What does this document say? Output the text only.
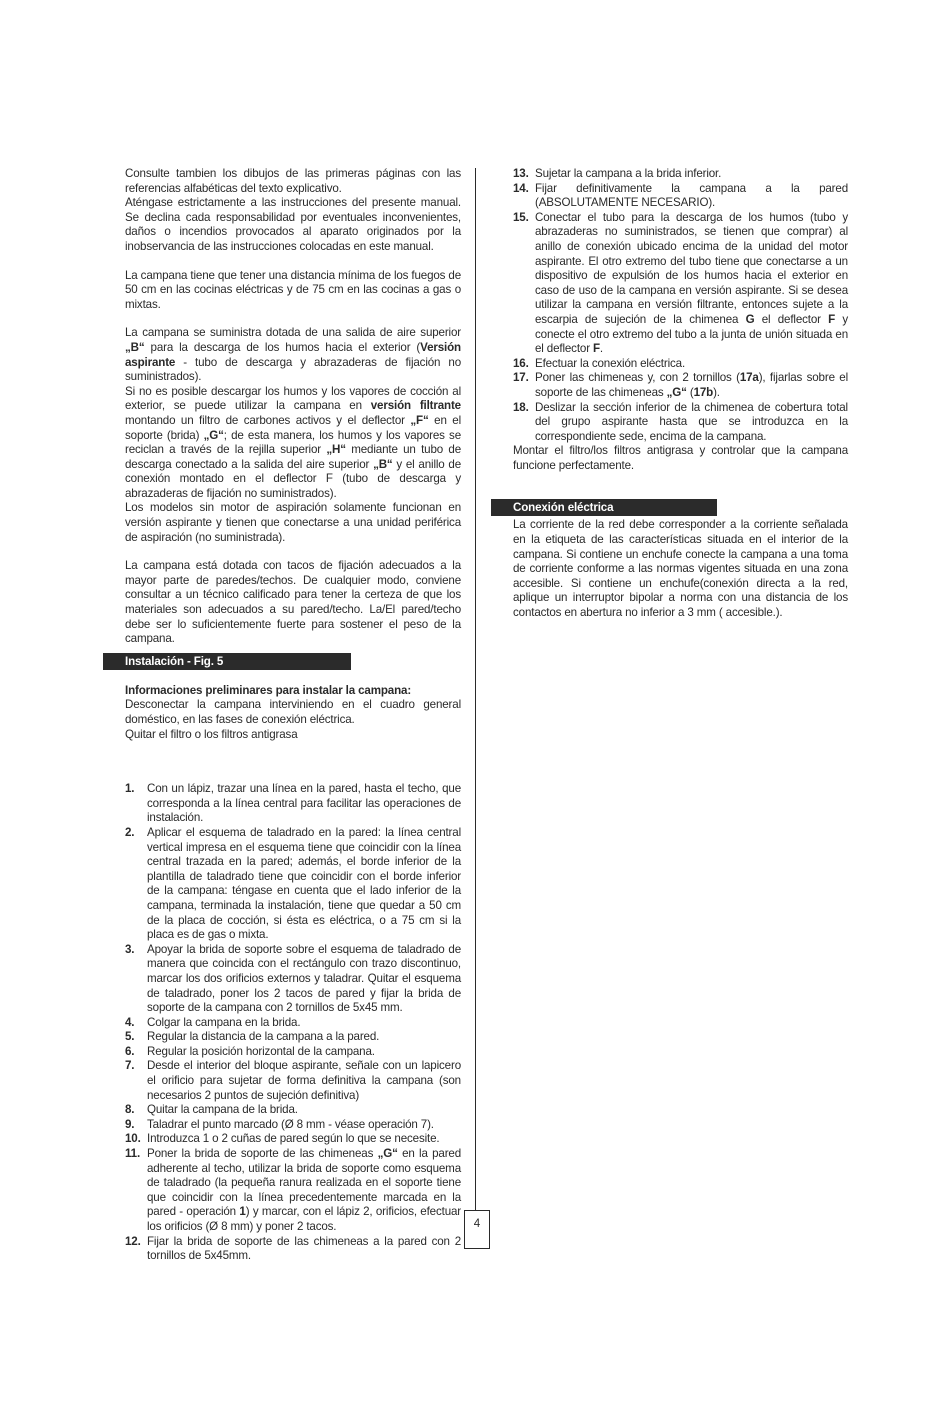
Consulte tambien los dibujos de las primeras páginas con las referencias alfabéticas del texto explicativo.

Aténgase estrictamente a las instrucciones del presente manual. Se declina cada responsabilidad por eventuales inconvenientes, daños o incendios provocados al aparato originados por la inobservancia de las instrucciones colocadas en este manual.

La campana tiene que tener una distancia mínima de los fuegos de 50 cm en las cocinas eléctricas y de 75 cm en las cocinas a gas o mixtas.

La campana se suministra dotada de una salida de aire superior „B“ para la descarga de los humos hacia el exterior (Versión aspirante - tubo de descarga y abrazaderas de fijación no suministrados).

Si no es posible descargar los humos y los vapores de cocción al exterior, se puede utilizar la campana en versión filtrante montando un filtro de carbones activos y el deflector „F“ en el soporte (brida) „G“; de esta manera, los humos y los vapores se reciclan a través de la rejilla superior „H“ mediante un tubo de descarga conectado a la salida del aire superior „B“ y el anillo de conexión montado en el deflector F (tubo de descarga y abrazaderas de fijación no suministrados).

Los modelos sin motor de aspiración solamente funcionan en versión aspirante y tienen que conectarse a una unidad periférica de aspiración (no suministrada).

La campana está dotada con tacos de fijación adecuados a la mayor parte de paredes/techos. De cualquier modo, conviene consultar a un técnico calificado para tener la certeza de que los materiales son adecuados a su pared/techo. La/El pared/techo debe ser lo suficientemente fuerte para sostener el peso de la campana.

Instalación - Fig. 5

Informaciones preliminares para instalar la campana:

Desconectar la campana interviniendo en el cuadro general doméstico, en las fases de conexión eléctrica.

Quitar el filtro o los filtros antigrasa

1. Con un lápiz, trazar una línea en la pared, hasta el techo, que corresponda a la línea central para facilitar las operaciones de instalación.
2. Aplicar el esquema de taladrado en la pared: la línea central vertical impresa en el esquema tiene que coincidir con la línea central trazada en la pared; además, el borde inferior de la plantilla de taladrado tiene que coincidir con el borde inferior de la campana: téngase en cuenta que el lado inferior de la campana, terminada la instalación, tiene que quedar a 50 cm de la placa de cocción, si ésta es eléctrica, o a 75 cm si la placa es de gas o mixta.
3. Apoyar la brida de soporte sobre el esquema de taladrado de manera que coincida con el rectángulo con trazo discontinuo, marcar los dos orificios externos y taladrar. Quitar el esquema de taladrado, poner los 2 tacos de pared y fijar la brida de soporte de la campana con 2 tornillos de 5x45 mm.
4. Colgar la campana en la brida.
5. Regular la distancia de la campana a la pared.
6. Regular la posición horizontal de la campana.
7. Desde el interior del bloque aspirante, señale con un lapicero el orificio para sujetar de forma definitiva la campana (son necesarios 2 puntos de sujeción definitiva)
8. Quitar la campana de la brida.
9. Taladrar el punto marcado (Ø 8 mm - véase operación 7).
10. Introduzca 1 o 2 cuñas de pared según lo que se necesite.
11. Poner la brida de soporte de las chimeneas „G“ en la pared adherente al techo, utilizar la brida de soporte como esquema de taladrado (la pequeña ranura realizada en el soporte tiene que coincidir con la línea precedentemente marcada en la pared - operación 1) y marcar, con el lápiz 2, orificios, efectuar los orificios (Ø 8 mm) y poner 2 tacos.
12. Fijar la brida de soporte de las chimeneas a la pared con 2 tornillos de 5x45mm.
13. Sujetar la campana a la brida inferior.
14. Fijar definitivamente la campana a la pared (ABSOLUTAMENTE NECESARIO).
15. Conectar el tubo para la descarga de los humos (tubo y abrazaderas no suministrados, se tienen que comprar) al anillo de conexión ubicado encima de la unidad del motor aspirante. El otro extremo del tubo tiene que conectarse a un dispositivo de expulsión de los humos hacia el exterior en caso de uso de la campana en versión aspirante. Si se desea utilizar la campana en versión filtrante, entonces sujete a la escarpia de sujeción de la chimenea G el deflector F y conecte el otro extremo del tubo a la junta de unión situada en el deflector F.
16. Efectuar la conexión eléctrica.
17. Poner las chimeneas y, con 2 tornillos (17a), fijarlas sobre el soporte de las chimeneas „G“ (17b).
18. Deslizar la sección inferior de la chimenea de cobertura total del grupo aspirante hasta que se introduzca en la correspondiente sede, encima de la campana.

Montar el filtro/los filtros antigrasa y controlar que la campana funcione perfectamente.

Conexión eléctrica

La corriente de la red debe corresponder a la corriente señalada en la etiqueta de las características situada en el interior de la campana. Si contiene un enchufe conecte la campana a una toma de corriente conforme a las normas vigentes situada en una zona accesible. Si contiene un enchufe(conexión directa a la red, aplique un interruptor bipolar a norma con una distancia de los contactos en abertura no inferior a 3 mm ( accesible.).

4
